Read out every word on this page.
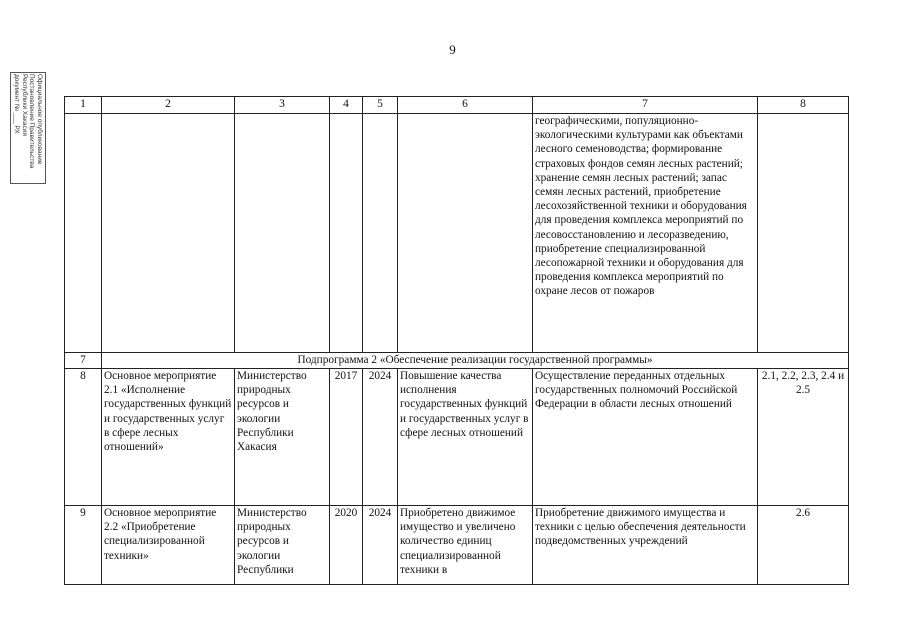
9
Официальное опубликование
Постановление Правительства
Республики Хакасия
документ № ___ РХ	1	2	3	4	5	6	7	8
						географическими, популяционно-экологическими культурами как объектами лесного семеноводства; формирование страховых фондов семян лесных растений; хранение семян лесных растений; запас семян лесных растений, приобретение лесохозяйственной техники и оборудования для проведения комплекса мероприятий по лесовосстановлению и лесоразведению, приобретение специализированной лесопожарной техники и оборудования для проведения комплекса мероприятий по охране лесов от пожаров	
7	Подпрограмма 2 «Обеспечение реализации государственной программы»						
8	Основное мероприятие 2.1 «Исполнение государственных функций и государственных услуг в сфере лесных отношений»	Министерство природных ресурсов и экологии Республики Хакасия	2017	2024	Повышение качества исполнения государственных функций и государственных услуг в сфере лесных отношений	Осуществление переданных отдельных государственных полномочий Российской Федерации в области лесных отношений	2.1, 2.2, 2.3, 2.4 и 2.5
9	Основное мероприятие 2.2 «Приобретение специализированной техники»	Министерство природных ресурсов и экологии Республики	2020	2024	Приобретено движимое имущество и увеличено количество единиц специализированной техники в	Приобретение движимого имущества и техники с целью обеспечения деятельности подведомственных учреждений	2.6
